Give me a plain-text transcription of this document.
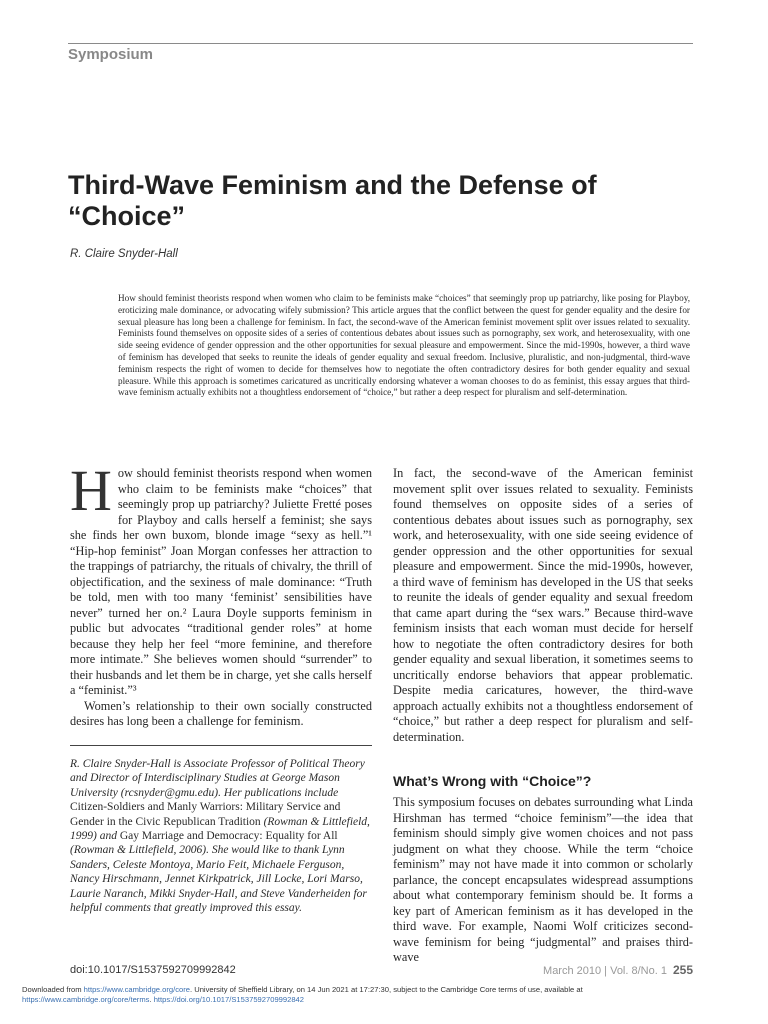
Symposium

Third-Wave Feminism and the Defense of “Choice”

R. Claire Snyder-Hall

How should feminist theorists respond when women who claim to be feminists make “choices” that seemingly prop up patriarchy, like posing for Playboy, eroticizing male dominance, or advocating wifely submission? This article argues that the conflict between the quest for gender equality and the desire for sexual pleasure has long been a challenge for feminism. In fact, the second-wave of the American feminist movement split over issues related to sexuality. Feminists found themselves on opposite sides of a series of contentious debates about issues such as pornography, sex work, and heterosexuality, with one side seeing evidence of gender oppression and the other opportunities for sexual pleasure and empowerment. Since the mid-1990s, however, a third wave of feminism has developed that seeks to reunite the ideals of gender equality and sexual freedom. Inclusive, pluralistic, and non-judgmental, third-wave feminism respects the right of women to decide for themselves how to negotiate the often contradictory desires for both gender equality and sexual pleasure. While this approach is sometimes caricatured as uncritically endorsing whatever a woman chooses to do as feminist, this essay argues that third-wave feminism actually exhibits not a thoughtless endorsement of “choice,” but rather a deep respect for pluralism and self-determination.

How should feminist theorists respond when women who claim to be feminists make “choices” that seemingly prop up patriarchy? Juliette Fretté poses for Playboy and calls herself a feminist; she says she finds her own buxom, blonde image “sexy as hell.”¹ “Hip-hop feminist” Joan Morgan confesses her attraction to the trappings of patriarchy, the rituals of chivalry, the thrill of objectification, and the sexiness of male dominance: “Truth be told, men with too many ‘feminist’ sensibilities have never” turned her on.² Laura Doyle supports feminism in public but advocates “traditional gender roles” at home because they help her feel “more feminine, and therefore more intimate.” She believes women should “surrender” to their husbands and let them be in charge, yet she calls herself a “feminist.”³

Women’s relationship to their own socially constructed desires has long been a challenge for feminism.

R. Claire Snyder-Hall is Associate Professor of Political Theory and Director of Interdisciplinary Studies at George Mason University (rcsnyder@gmu.edu). Her publications include Citizen-Soldiers and Manly Warriors: Military Service and Gender in the Civic Republican Tradition (Rowman & Littlefield, 1999) and Gay Marriage and Democracy: Equality for All (Rowman & Littlefield, 2006). She would like to thank Lynn Sanders, Celeste Montoya, Mario Feit, Michaele Ferguson, Nancy Hirschmann, Jennet Kirkpatrick, Jill Locke, Lori Marso, Laurie Naranch, Mikki Snyder-Hall, and Steve Vanderheiden for helpful comments that greatly improved this essay.

In fact, the second-wave of the American feminist movement split over issues related to sexuality. Feminists found themselves on opposite sides of a series of contentious debates about issues such as pornography, sex work, and heterosexuality, with one side seeing evidence of gender oppression and the other opportunities for sexual pleasure and empowerment. Since the mid-1990s, however, a third wave of feminism has developed in the US that seeks to reunite the ideals of gender equality and sexual freedom that came apart during the “sex wars.” Because third-wave feminism insists that each woman must decide for herself how to negotiate the often contradictory desires for both gender equality and sexual liberation, it sometimes seems to uncritically endorse behaviors that appear problematic. Despite media caricatures, however, the third-wave approach actually exhibits not a thoughtless endorsement of “choice,” but rather a deep respect for pluralism and self-determination.

What’s Wrong with “Choice”?

This symposium focuses on debates surrounding what Linda Hirshman has termed “choice feminism”—the idea that feminism should simply give women choices and not pass judgment on what they choose. While the term “choice feminism” may not have made it into common or scholarly parlance, the concept encapsulates widespread assumptions about what contemporary feminism should be. It forms a key part of American feminism as it has developed in the third wave. For example, Naomi Wolf criticizes second-wave feminism for being “judgmental” and praises third-wave

doi:10.1017/S1537592709992842	March 2010 | Vol. 8/No. 1 255

Downloaded from https://www.cambridge.org/core. University of Sheffield Library, on 14 Jun 2021 at 17:27:30, subject to the Cambridge Core terms of use, available at
https://www.cambridge.org/core/terms. https://doi.org/10.1017/S1537592709992842
